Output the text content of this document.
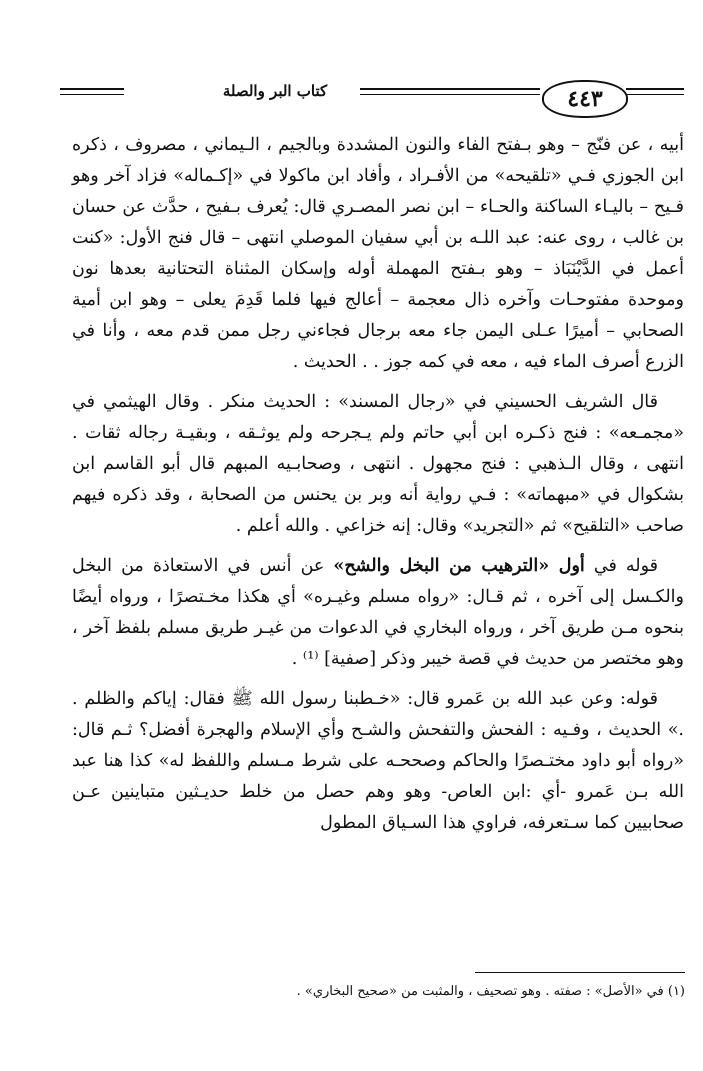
كتاب البر والصلة	٤٤٣

أبيه ، عن فنّج – وهو بـفتح الفاء والنون المشددة وبالجيم ، الـيماني ، مصروف ، ذكره ابن الجوزي فـي «تلقيحه» من الأفـراد ، وأفاد ابن ماكولا في «إكـماله» فزاد آخر وهو فـيح – باليـاء الساكنة والحـاء – ابن نصر المصـري قال: يُعرف بـفيح ، حدَّث عن حسان بن غالب ، روى عنه: عبد اللـه بن أبي سفيان الموصلي انتهى – قال فنج الأول: «كنت أعمل في الدَّيْنَبَاذ – وهو بـفتح المهملة أوله وإسكان المثناة التحتانية بعدها نون وموحدة مفتوحـات وآخره ذال معجمة – أعالج فيها فلما قَدِمَ يعلى – وهو ابن أمية الصحابي – أميرًا عـلى اليمن جاء معه برجال فجاءني رجل ممن قدم معه ، وأنا في الزرع أصرف الماء فيه ، معه في كمه جوز . . الحديث .

قال الشريف الحسيني في «رجال المسند» : الحديث منكر . وقال الهيثمي في «مجمـعه» : فنج ذكـره ابن أبي حاتم ولم يـجرحه ولم يوثـقه ، وبقيـة رجاله ثقات . انتهى ، وقال الـذهبي : فنج مجهول . انتهى ، وصحابـيه المبهم قال أبو القاسم ابن بشكوال في «مبهماته» : فـي رواية أنه وبر بن يحنس من الصحابة ، وقد ذكره فيهم صاحب «التلقيح» ثم «التجريد» وقال: إنه خزاعي . والله أعلم .

قوله في أول «الترهيب من البخل والشح» عن أنس في الاستعاذة من البخل والكـسل إلى آخره ، ثم قـال: «رواه مسلم وغيـره» أي هكذا مخـتصرًا ، ورواه أيضًا بنحوه مـن طريق آخر ، ورواه البخاري في الدعوات من غيـر طريق مسلم بلفظ آخر ، وهو مختصر من حديث في قصة خيبر وذكر [صفية] ⁽¹⁾ .

قوله: وعن عبد الله بن عَمرو قال: «خـطبنا رسول الله ﷺ فقال: إياكم والظلم . .» الحديث ، وفـيه : الفحش والتفحش والشـح وأي الإسلام والهجرة أفضل؟ ثـم قال: «رواه أبو داود مختـصرًا والحاكم وصححـه على شرط مـسلم واللفظ له» كذا هنا عبد الله بـن عَمرو -أي :ابن العاص- وهو وهم حصل من خلط حديـثين متباينين عـن صحابيين كما سـتعرفه، فراوي هذا السـياق المطول

(١) في «الأصل» : صفته . وهو تصحيف ، والمثبت من «صحيح البخاري» .
